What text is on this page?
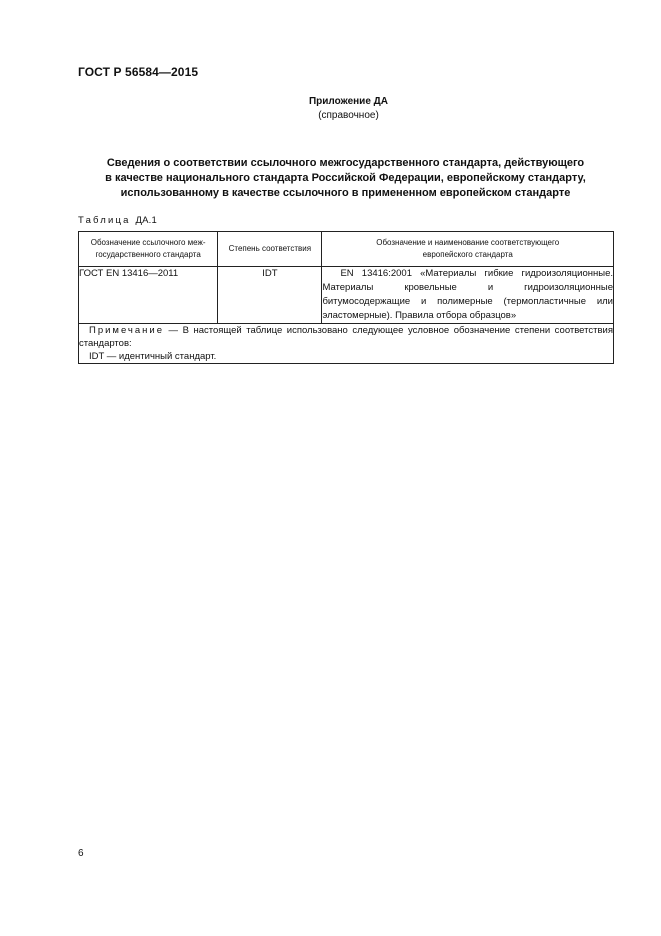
ГОСТ Р 56584—2015
Приложение ДА
(справочное)
Сведения о соответствии ссылочного межгосударственного стандарта, действующего
в качестве национального стандарта Российской Федерации, европейскому стандарту,
использованному в качестве ссылочного в примененном европейском стандарте
Таблица ДА.1
Обозначение ссылочного меж-
государственного стандарта	Степень соответствия	Обозначение и наименование соответствующего
европейского стандарта
ГОСТ EN 13416—2011	IDT	EN 13416:2001 «Материалы гибкие гидроизоляционные. Материалы кровельные и гидроизоляционные битумосодержащие и полимерные (термопластичные или эластомерные). Правила отбора образцов»

Примечание — В настоящей таблице использовано следующее условное обозначение степени соответствия стандартов:
IDT — идентичный стандарт.		
6
